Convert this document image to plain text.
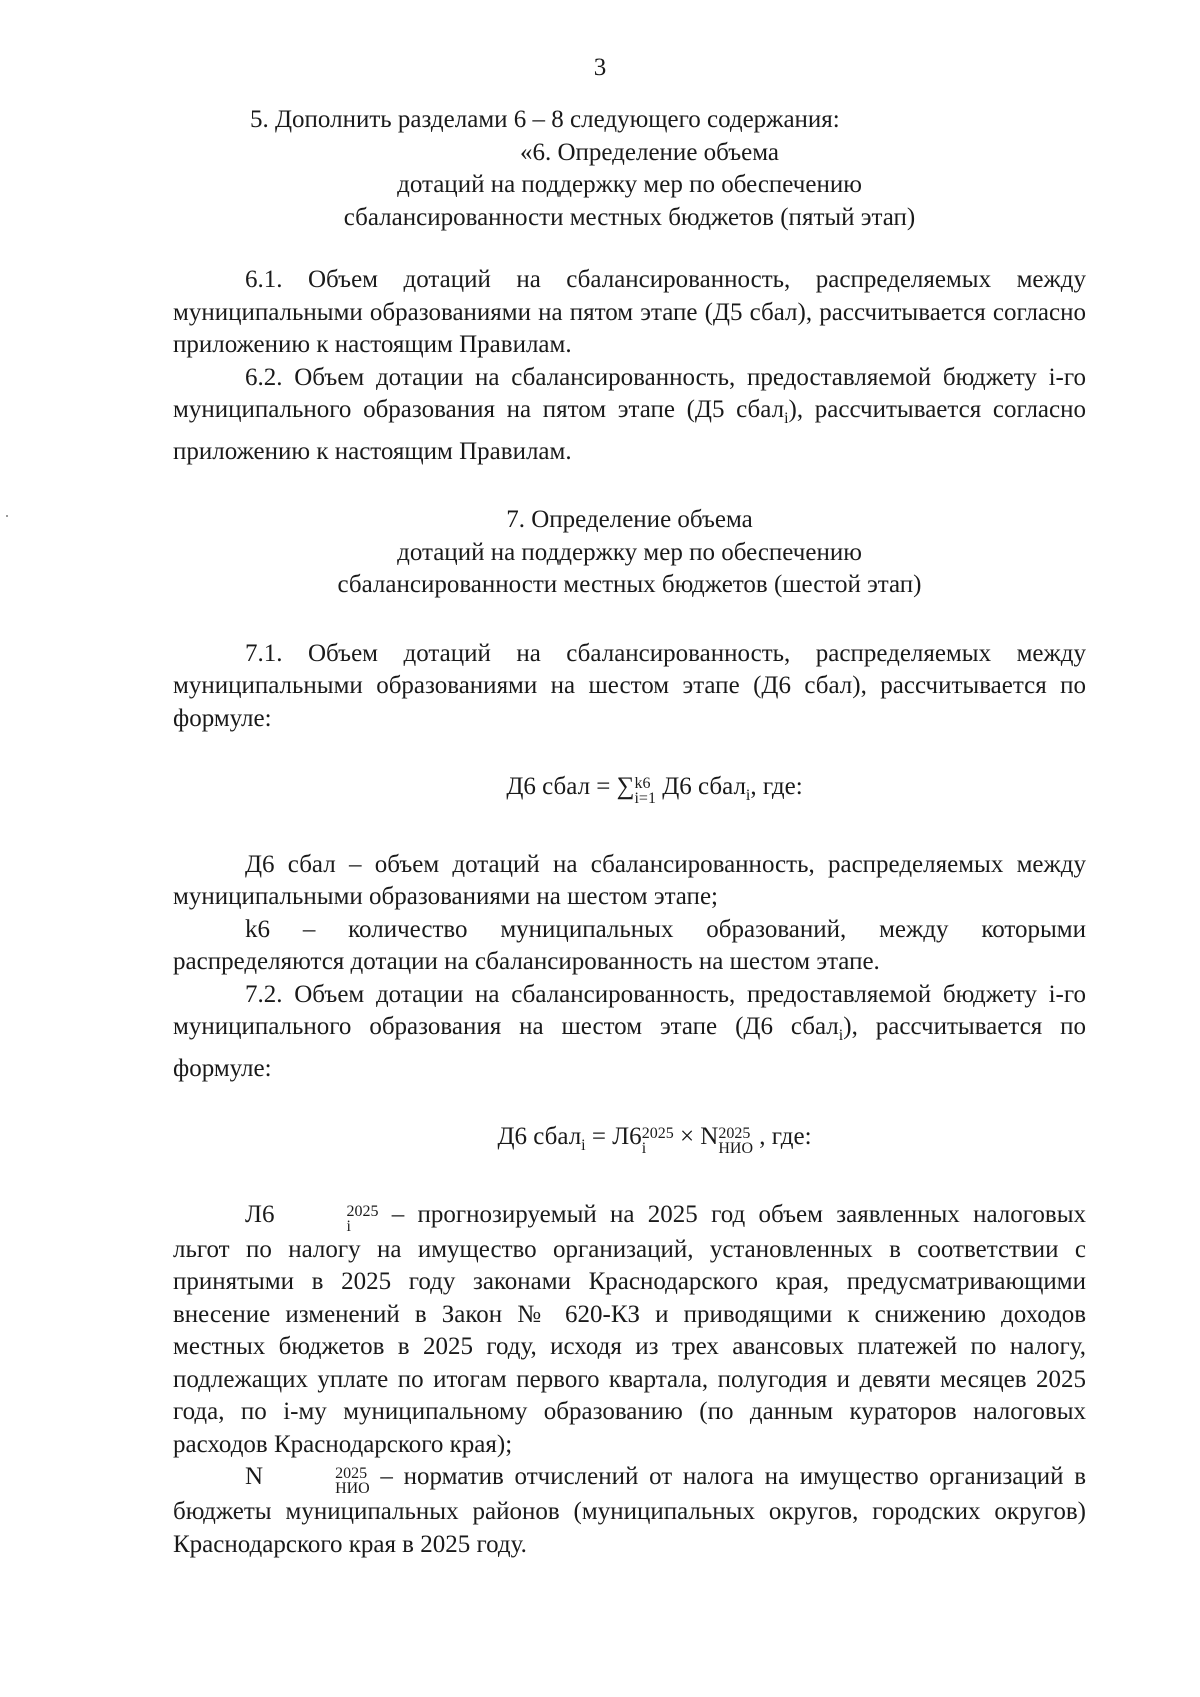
3

5. Дополнить разделами 6 – 8 следующего содержания:

«6. Определение объема
дотаций на поддержку мер по обеспечению
сбалансированности местных бюджетов (пятый этап)

6.1. Объем дотаций на сбалансированность, распределяемых между муниципальными образованиями на пятом этапе (Д5 сбал), рассчитывается согласно приложению к настоящим Правилам.

6.2. Объем дотации на сбалансированность, предоставляемой бюджету i-го муниципального образования на пятом этапе (Д5 сбал$_i$), рассчитывается согласно приложению к настоящим Правилам.

7. Определение объема
дотаций на поддержку мер по обеспечению
сбалансированности местных бюджетов (шестой этап)

7.1. Объем дотаций на сбалансированность, распределяемых между муниципальными образованиями на шестом этапе (Д6 сбал), рассчитывается по формуле:

Д6 сбал = ∑ k6
i=1 Д6 сбал$_i$, где:

Д6 сбал – объем дотаций на сбалансированность, распределяемых между муниципальными образованиями на шестом этапе;

k6 – количество муниципальных образований, между которыми распределяются дотации на сбалансированность на шестом этапе.

7.2. Объем дотации на сбалансированность, предоставляемой бюджету i-го муниципального образования на шестом этапе (Д6 сбал$_i$), рассчитывается по формуле:

Д6 сбал$_i$ = Л6 2025
i	× N 2025
НИО , где:

Л6	2025
i	– прогнозируемый на 2025 год объем заявленных налоговых льгот по налогу на имущество организаций, установленных в соответствии с принятыми в 2025 году законами Краснодарского края, предусматривающими внесение изменений в Закон № 620-КЗ и приводящими к снижению доходов местных бюджетов в 2025 году, исходя из трех авансовых платежей по налогу, подлежащих уплате по итогам первого квартала, полугодия и девяти месяцев 2025 года, по i-му муниципальному образованию (по данным кураторов налоговых расходов Краснодарского края);

N	2025
НИО – норматив отчислений от налога на имущество организаций в бюджеты муниципальных районов (муниципальных округов, городских округов) Краснодарского края в 2025 году.
